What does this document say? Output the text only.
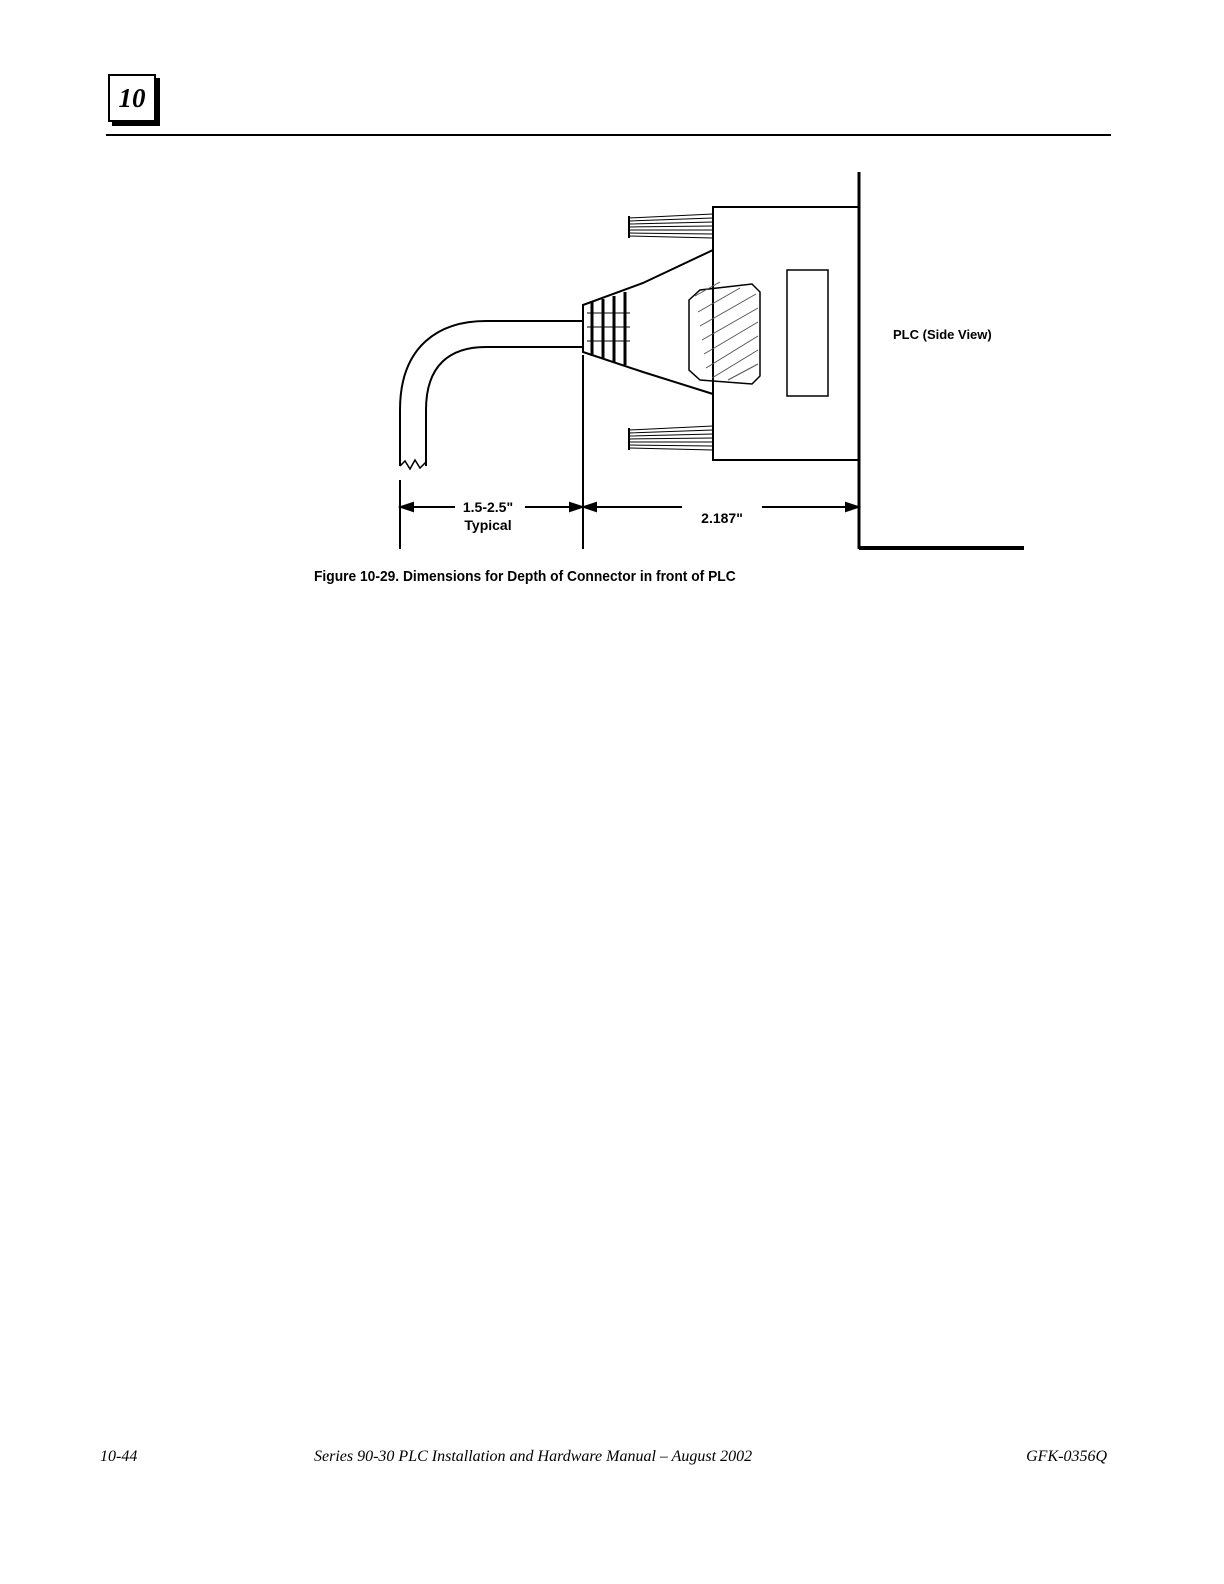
10
PLC (Side View)
1.5-2.5"
Typical	2.187"
Figure 10-29. Dimensions for Depth of Connector in front of PLC
10-44	Series 90-30 PLC Installation and Hardware Manual – August 2002	GFK-0356Q
